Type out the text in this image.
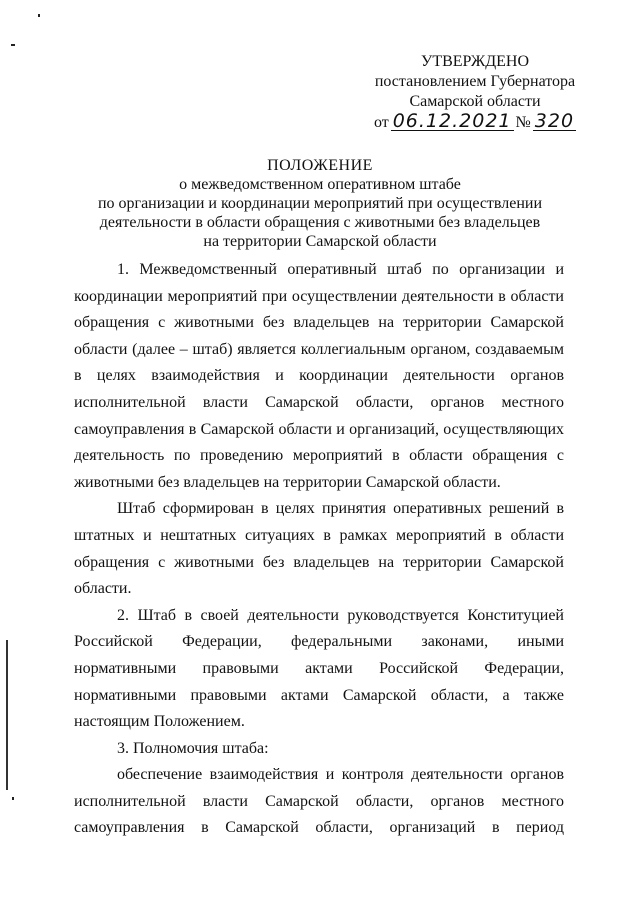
УТВЕРЖДЕНО
постановлением Губернатора
Самарской области
от 06.12.2021 № 320
ПОЛОЖЕНИЕ
о межведомственном оперативном штабе
по организации и координации мероприятий при осуществлении
деятельности в области обращения с животными без владельцев
на территории Самарской области

1. Межведомственный оперативный штаб по организации и координации мероприятий при осуществлении деятельности в области обращения с животными без владельцев на территории Самарской области (далее – штаб) является коллегиальным органом, создаваемым в целях взаимодействия и координации деятельности органов исполнительной власти Самарской области, органов местного самоуправления в Самарской области и организаций, осуществляющих деятельность по проведению мероприятий в области обращения с животными без владельцев на территории Самарской области.

Штаб сформирован в целях принятия оперативных решений в штатных и нештатных ситуациях в рамках мероприятий в области обращения с животными без владельцев на территории Самарской области.

2. Штаб в своей деятельности руководствуется Конституцией Российской Федерации, федеральными законами, иными нормативными правовыми актами Российской Федерации, нормативными правовыми актами Самарской области, а также настоящим Положением.

3. Полномочия штаба:

обеспечение взаимодействия и контроля деятельности органов исполнительной власти Самарской области, органов местного самоуправления в Самарской области, организаций в период
